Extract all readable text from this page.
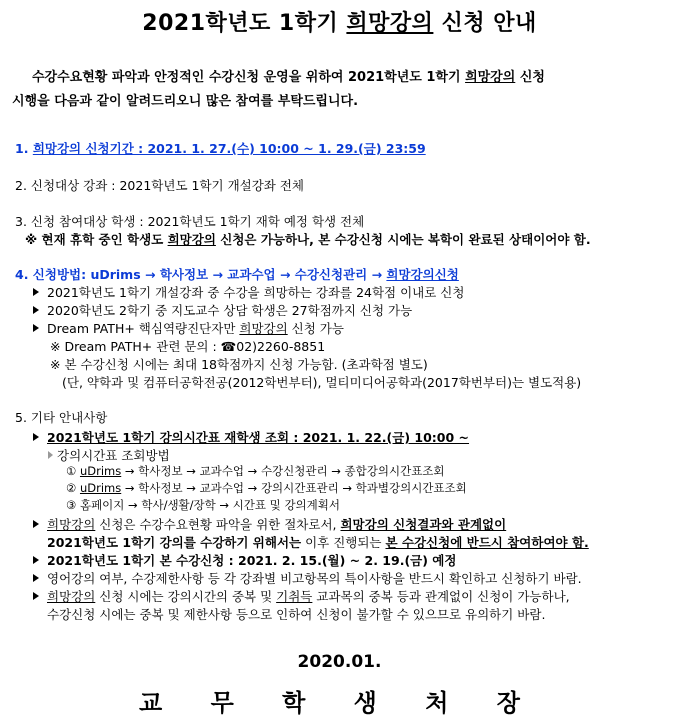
2021학년도 1학기 희망강의 신청 안내
수강수요현황 파악과 안정적인 수강신청 운영을 위하여 2021학년도 1학기 희망강의 신청
시행을 다음과 같이 알려드리오니 많은 참여를 부탁드립니다.
1. 희망강의 신청기간 : 2021. 1. 27.(수) 10:00 ~ 1. 29.(금) 23:59
2. 신청대상 강좌 : 2021학년도 1학기 개설강좌 전체
3. 신청 참여대상 학생 : 2021학년도 1학기 재학 예정 학생 전체
※ 현재 휴학 중인 학생도 희망강의 신청은 가능하나, 본 수강신청 시에는 복학이 완료된 상태이어야 함.
4. 신청방법: uDrims → 학사정보 → 교과수업 → 수강신청관리 → 희망강의신청
2021학년도 1학기 개설강좌 중 수강을 희망하는 강좌를 24학점 이내로 신청
2020학년도 2학기 중 지도교수 상담 학생은 27학점까지 신청 가능
Dream PATH+ 핵심역량진단자만 희망강의 신청 가능
※ Dream PATH+ 관련 문의 : ☎02)2260-8851
※ 본 수강신청 시에는 최대 18학점까지 신청 가능함. (초과학점 별도)
(단, 약학과 및 컴퓨터공학전공(2012학번부터), 멀티미디어공학과(2017학번부터)는 별도적용)
5. 기타 안내사항
2021학년도 1학기 강의시간표 재학생 조회 : 2021. 1. 22.(금) 10:00 ~
강의시간표 조회방법
① uDrims → 학사정보 → 교과수업 → 수강신청관리 → 종합강의시간표조회
② uDrims → 학사정보 → 교과수업 → 강의시간표관리 → 학과별강의시간표조회
③ 홈페이지 → 학사/생활/장학 → 시간표 및 강의계획서
희망강의 신청은 수강수요현황 파악을 위한 절차로서, 희망강의 신청결과와 관계없이
2021학년도 1학기 강의를 수강하기 위해서는 이후 진행되는 본 수강신청에 반드시 참여하여야 함.
2021학년도 1학기 본 수강신청 : 2021. 2. 15.(월) ~ 2. 19.(금) 예정
영어강의 여부, 수강제한사항 등 각 강좌별 비고항목의 특이사항을 반드시 확인하고 신청하기 바람.
희망강의 신청 시에는 강의시간의 중복 및 기취득 교과목의 중복 등과 관계없이 신청이 가능하나,
수강신청 시에는 중복 및 제한사항 등으로 인하여 신청이 불가할 수 있으므로 유의하기 바람.
2020.01.
교 무 학 생 처 장
